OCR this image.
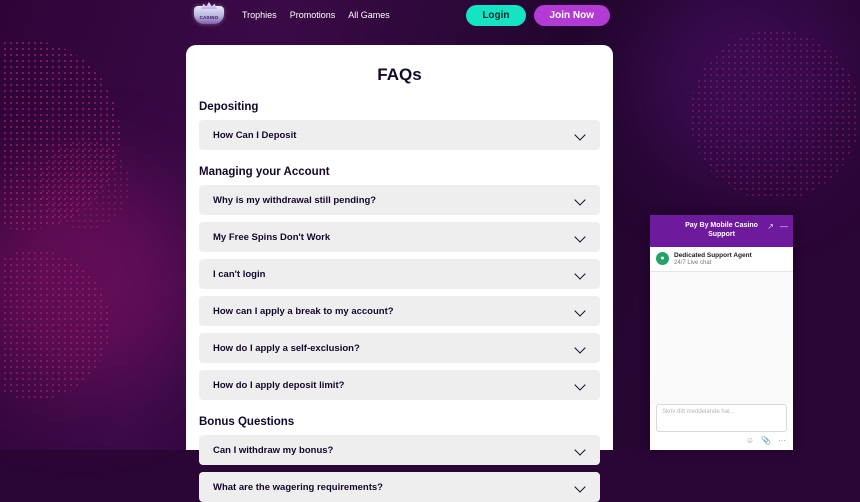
CASINO	Trophies Promotions All Games	Login	Join Now
FAQs
Depositing
How Can I Deposit
Managing your Account
Why is my withdrawal still pending?
My Free Spins Don't Work
I can't login
How can I apply a break to my account?
How do I apply a self-exclusion?
How do I apply deposit limit?
Bonus Questions
Can I withdraw my bonus?
What are the wagering requirements?
Pay By Mobile Casino Support
↗ —
●	Dedicated Support Agent
24/7 Live chat
Skriv ditt meddelande har...
☺ 📎 ⋯
